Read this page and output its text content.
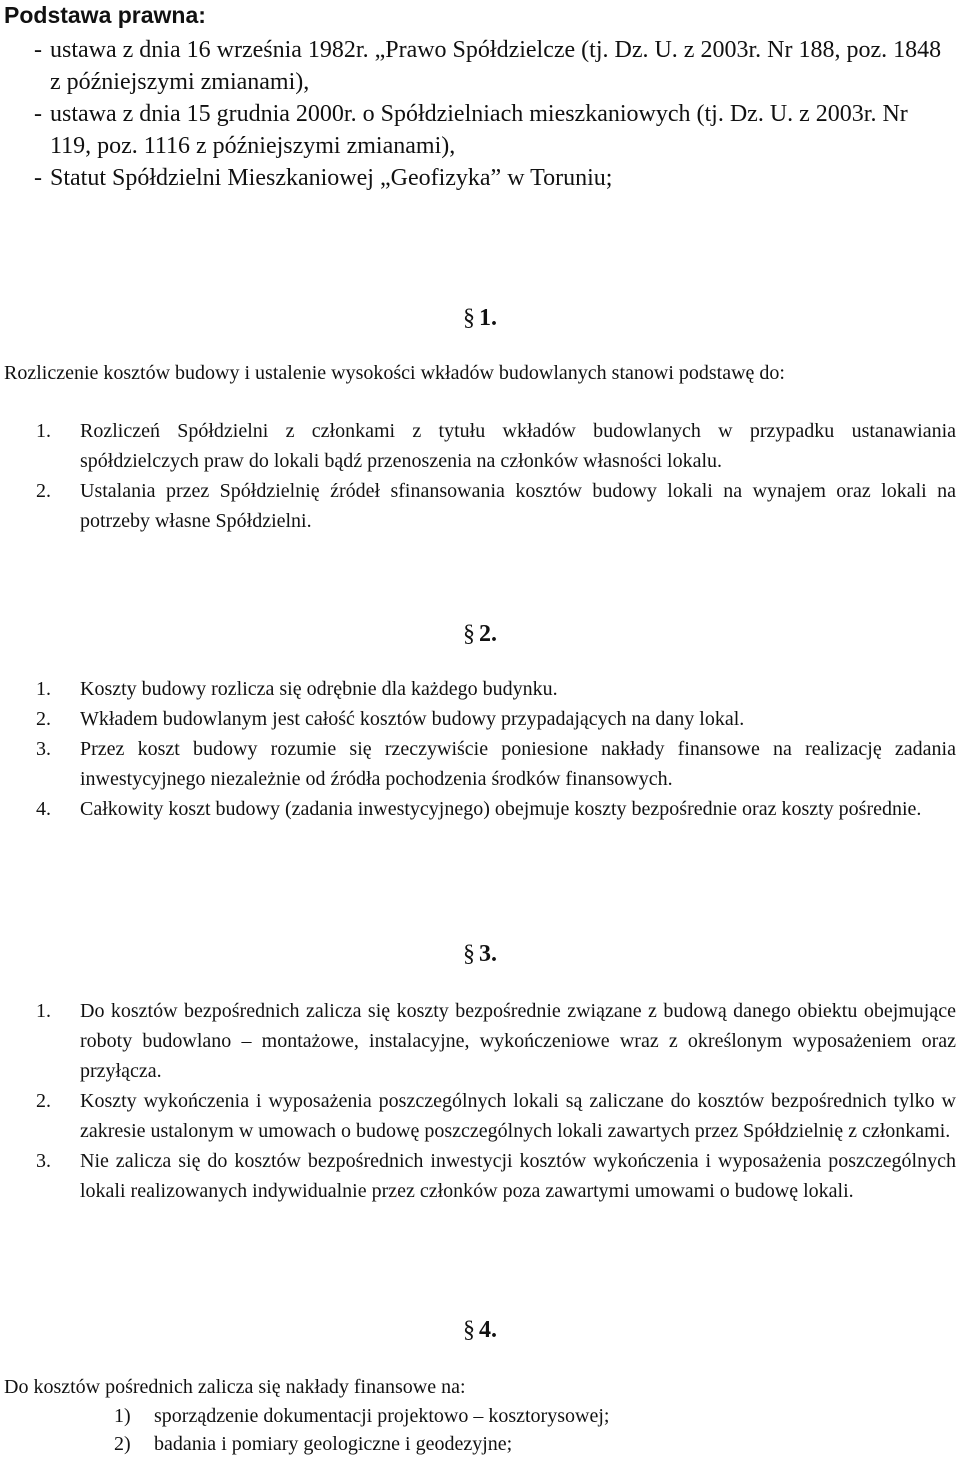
Podstawa prawna:
- ustawa z dnia 16 września 1982r. „Prawo Spółdzielcze (tj. Dz. U. z 2003r. Nr 188, poz. 1848 z późniejszymi zmianami),
- ustawa z dnia 15 grudnia 2000r. o Spółdzielniach mieszkaniowych (tj. Dz. U. z 2003r. Nr 119, poz. 1116 z późniejszymi zmianami),
- Statut Spółdzielni Mieszkaniowej „Geofizyka” w Toruniu;
§ 1.
Rozliczenie kosztów budowy i ustalenie wysokości wkładów budowlanych stanowi podstawę do:
1. Rozliczeń Spółdzielni z członkami z tytułu wkładów budowlanych w przypadku ustanawiania spółdzielczych praw do lokali bądź przenoszenia na członków własności lokalu.
2. Ustalania przez Spółdzielnię źródeł sfinansowania kosztów budowy lokali na wynajem oraz lokali na potrzeby własne Spółdzielni.
§ 2.
1. Koszty budowy rozlicza się odrębnie dla każdego budynku.
2. Wkładem budowlanym jest całość kosztów budowy przypadających na dany lokal.
3. Przez koszt budowy rozumie się rzeczywiście poniesione nakłady finansowe na realizację zadania inwestycyjnego niezależnie od źródła pochodzenia środków finansowych.
4. Całkowity koszt budowy (zadania inwestycyjnego) obejmuje koszty bezpośrednie oraz koszty pośrednie.
§ 3.
1. Do kosztów bezpośrednich zalicza się koszty bezpośrednie związane z budową danego obiektu obejmujące roboty budowlano – montażowe, instalacyjne, wykończeniowe wraz z określonym wyposażeniem oraz przyłącza.
2. Koszty wykończenia i wyposażenia poszczególnych lokali są zaliczane do kosztów bezpośrednich tylko w zakresie ustalonym w umowach o budowę poszczególnych lokali zawartych przez Spółdzielnię z członkami.
3. Nie zalicza się do kosztów bezpośrednich inwestycji kosztów wykończenia i wyposażenia poszczególnych lokali realizowanych indywidualnie przez członków poza zawartymi umowami o budowę lokali.
§ 4.
Do kosztów pośrednich zalicza się nakłady finansowe na:
1) sporządzenie dokumentacji projektowo – kosztorysowej;
2) badania i pomiary geologiczne i geodezyjne;
